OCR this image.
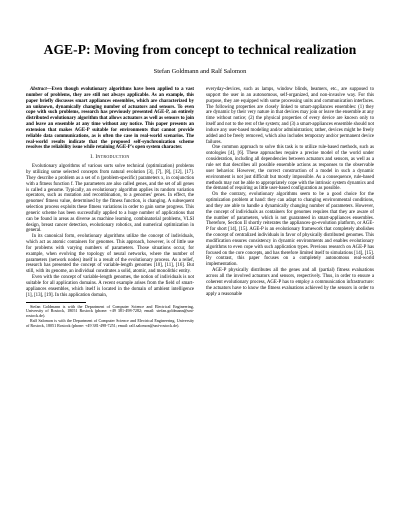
AGE-P: Moving from concept to technical realization
Stefan Goldmann and Ralf Salomon

Abstract—Even though evolutionary algorithms have been applied to a vast number of problems, they are still not always applicable. As an example, this paper briefly discusses smart appliances ensembles, which are characterized by an unknown, dynamically changing number of actuators and sensors. To even cope with such problems, research has previously presented AGE-P, an entirely distributed evolutionary algorithm that allows actuators as well as sensors to join and leave an ensemble at any time without any notice. This paper presents an extension that makes AGE-P suitable for environments that cannot provide reliable data communications, as is often the case in real-world scenarios. The real-world results indicate that the proposed self-synchronization scheme resolves the reliability issue while retaining AGE-P's open system character.

I. Introduction

Evolutionary algorithms of various sorts solve technical (optimization) problems by utilizing some selected concepts from natural evolution [3], [7], [8], [12], [17]. They describe a problem as a set of n (problem-specific) parameters x, in conjunction with a fitness function f. The parameters are also called genes, and the set of all genes is called a genome. Typically, an evolutionary algorithm applies its random variation operators, such as mutation and recombination, to a genomes' genes. In effect, the genomes' fitness value, determined by the fitness function, is changing. A subsequent selection process exploits these fitness variations in order to gain some progress. This generic scheme has been successfully applied to a huge number of applications that can be found in areas as diverse as machine learning, combinatorial problems, VLSI design, breast cancer detection, evolutionary robotics, and numerical optimization in general.

In its canonical form, evolutionary algorithms utilize the concept of individuals, which act as atomic containers for genomes. This approach, however, is of little use for problems with varying numbers of parameters. Those situations occur, for example, when evolving the topology of neural networks, where the number of parameters (network nodes) itself is a result of the evolutionary process. As a relief, research has presented the concept of variable-length genomes [10], [11], [16]. But still, with its genome, an individual constitutes a solid, atomic, and monolithic entity.

Even with the concept of variable-length genomes, the notion of individuals is not suitable for all application domains. A recent example arises from the field of smart-appliances ensembles, which itself is located in the domain of ambient intelligence [1], [13], [19]. In this application domain,

Stefan Goldmann is with the Department of Computer Science and Electrical Engineering, University of Rostock, 18051 Rostock (phone: +49 381-498-7282; email: stefan.goldmann@uni-rostock.de).

Ralf Salomon is with the Department of Computer Science and Electrical Engineering, University of Rostock, 18051 Rostock (phone: +49 381-498-7251; email: ralf.salomon@uni-rostock.de).

everyday-devices, such as lamps, window blinds, beamers, etc., are supposed to support the user in an autonomous, self-organized, and non-invasive way. For this purpose, they are equipped with some processing units and communication interfaces. The following properties are closely linked to smart-appliances ensembles: (1) they are dynamic by their very nature in that devices may join or leave the ensemble at any time without notice; (2) the physical properties of every device are known only to itself and not to the rest of the system; and (3) a smart-appliances ensemble should not induce any user-based modeling and/or administration; rather, devices might be freely added and be freely removed, which also includes temporary and/or permanent device failures.

One common approach to solve this task is to utilize rule-based methods, such as ontologies [4], [6]. These approaches require a precise model of the world under consideration, including all dependencies between actuators and sensors, as well as a rule set that describes all possible ensemble actions as responses to the observable user behavior. However, the correct construction of a model in such a dynamic environment is not just difficult but mostly impossible. As a consequence, rule-based methods may not be able to appropriately cope with the intrinsic system dynamics and the demand of requiring as little user-based configuration as possible.

On the contrary, evolutionary algorithms seem to be a good choice for the optimization problem at hand: they can adapt to changing environmental conditions, and they are able to handle a dynamically changing number of parameters. However, the concept of individuals as containers for genomes requires that they are aware of the number of parameters, which is not guaranteed in smart-appliances ensembles. Therefore, Section II shortly reiterates the appliances-go-evolution platform, or AGE-P for short [14], [15]. AGE-P is an evolutionary framework that completely abolishes the concept of centralized individuals in favor of physically distributed genomes. This modification ensures consistency in dynamic environments and enables evolutionary algorithms to even cope with such application types. Previous research on AGE-P has focused on the core concepts, and has therefore limited itself to simulations [14], [15]. By contrast, this paper focuses on a completely autonomous real-world implementation.

AGE-P physically distributes all the genes and all (partial) fitness evaluations across all the involved actuators and sensors, respectively. Thus, in order to ensure a coherent evolutionary process, AGE-P has to employ a communication infrastructure: the actuators have to know the fitness evaluations achieved by the sensors in order to apply a reasonable
